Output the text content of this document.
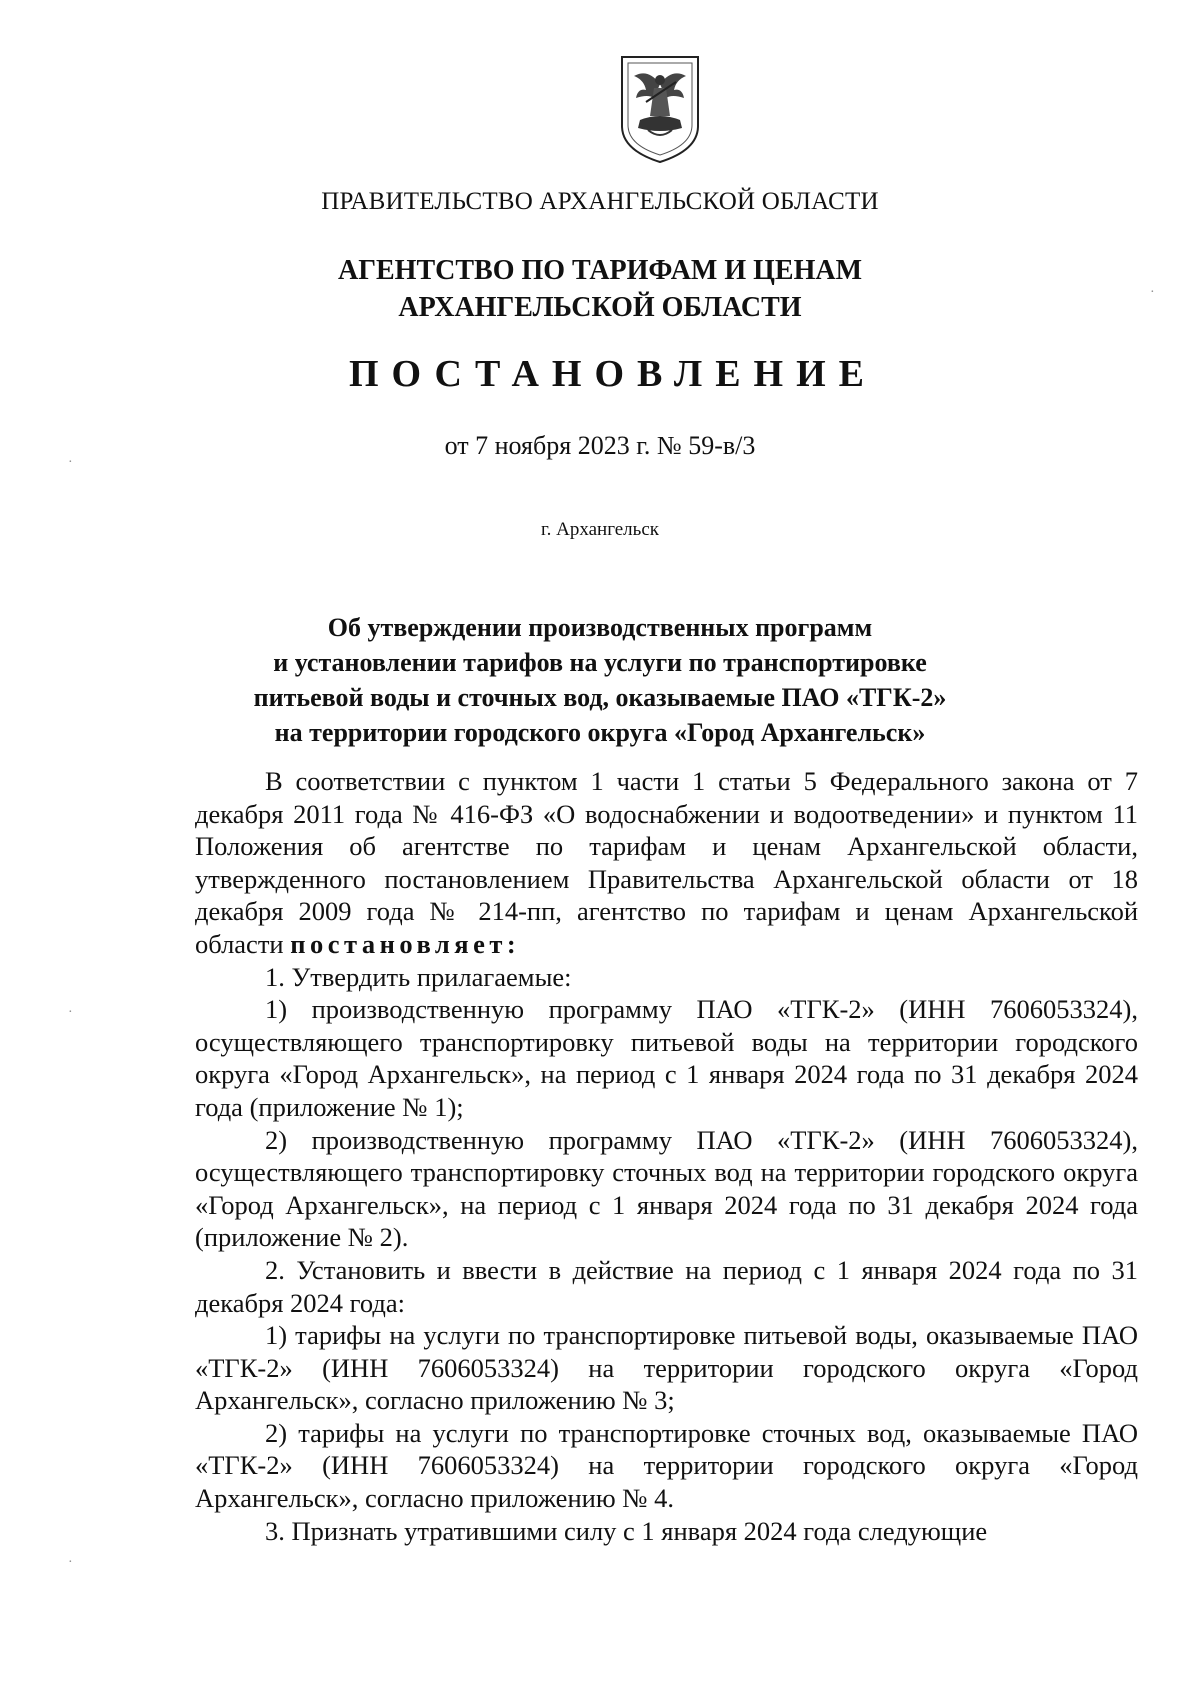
ПРАВИТЕЛЬСТВО АРХАНГЕЛЬСКОЙ ОБЛАСТИ
АГЕНТСТВО ПО ТАРИФАМ И ЦЕНАМ
АРХАНГЕЛЬСКОЙ ОБЛАСТИ
ПОСТАНОВЛЕНИЕ
от 7 ноября 2023 г. № 59-в/3
г. Архангельск
Об утверждении производственных программ
и установлении тарифов на услуги по транспортировке
питьевой воды и сточных вод, оказываемые ПАО «ТГК-2»
на территории городского округа «Город Архангельск»

В соответствии с пунктом 1 части 1 статьи 5 Федерального закона от 7 декабря 2011 года № 416-ФЗ «О водоснабжении и водоотведении» и пунктом 11 Положения об агентстве по тарифам и ценам Архангельской области, утвержденного постановлением Правительства Архангельской области от 18 декабря 2009 года № 214-пп, агентство по тарифам и ценам Архангельской области постановляет:

1. Утвердить прилагаемые:

1) производственную программу ПАО «ТГК-2» (ИНН 7606053324), осуществляющего транспортировку питьевой воды на территории городского округа «Город Архангельск», на период с 1 января 2024 года по 31 декабря 2024 года (приложение № 1);

2) производственную программу ПАО «ТГК-2» (ИНН 7606053324), осуществляющего транспортировку сточных вод на территории городского округа «Город Архангельск», на период с 1 января 2024 года по 31 декабря 2024 года (приложение № 2).

2. Установить и ввести в действие на период с 1 января 2024 года по 31 декабря 2024 года:

1) тарифы на услуги по транспортировке питьевой воды, оказываемые ПАО «ТГК-2» (ИНН 7606053324) на территории городского округа «Город Архангельск», согласно приложению № 3;

2) тарифы на услуги по транспортировке сточных вод, оказываемые ПАО «ТГК-2» (ИНН 7606053324) на территории городского округа «Город Архангельск», согласно приложению № 4.

3. Признать утратившими силу с 1 января 2024 года следующие

·
·
·
·
